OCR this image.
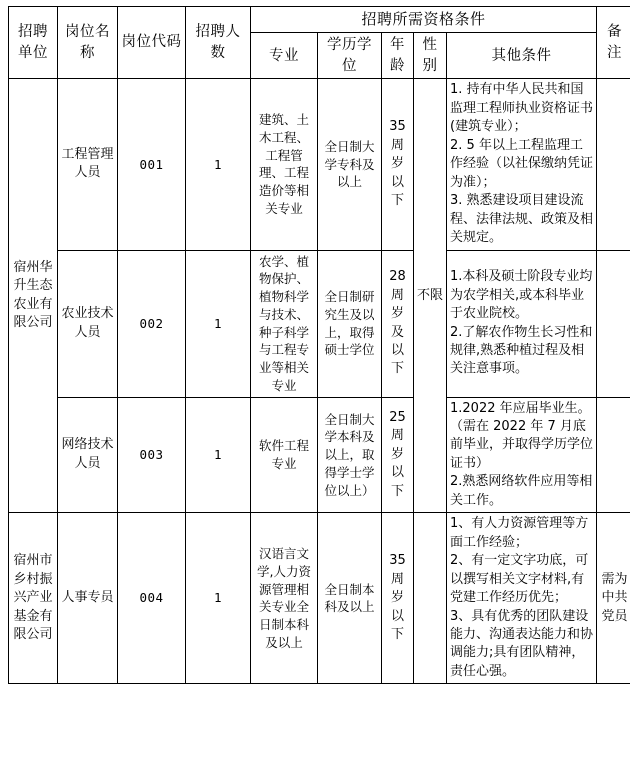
招聘单位	岗位名称	岗位代码	招聘人数	招聘所需资格条件					备注
				专业	学历学位	年龄	性别	其他条件	
宿州华升生态农业有限公司	工程管理人员	001	1	建筑、土木工程、工程管理、工程造价等相关专业	全日制大学专科及以上	35周岁以下	不限	1. 持有中华人民共和国监理工程师执业资格证书(建筑专业）；
2. 5 年以上工程监理工作经验（以社保缴纳凭证为准）；
3. 熟悉建设项目建设流程、法律法规、政策及相关规定。	

	农业技术人员	002	1	农学、植物保护、植物科学与技术、种子科学与工程专业等相关专业	全日制研究生及以上，取得硕士学位	28周岁及以下		1.本科及硕士阶段专业均为农学相关,或本科毕业于农业院校。
2.了解农作物生长习性和规律,熟悉种植过程及相关注意事项。	

	网络技术人员	003	1	软件工程专业	全日制大学本科及以上，取得学士学位以上）	25周岁以下		1.2022 年应届毕业生。（需在 2022 年 7 月底前毕业，并取得学历学位证书）
2.熟悉网络软件应用等相关工作。	

宿州市乡村振兴产业基金有限公司	人事专员	004	1	汉语言文学,人力资源管理相关专业全日制本科及以上	全日制本科及以上	35周岁以下		1、有人力资源管理等方面工作经验；
2、有一定文字功底，可以撰写相关文字材料,有党建工作经历优先；
3、具有优秀的团队建设能力、沟通表达能力和协调能力;具有团队精神，责任心强。	需为中共党员
